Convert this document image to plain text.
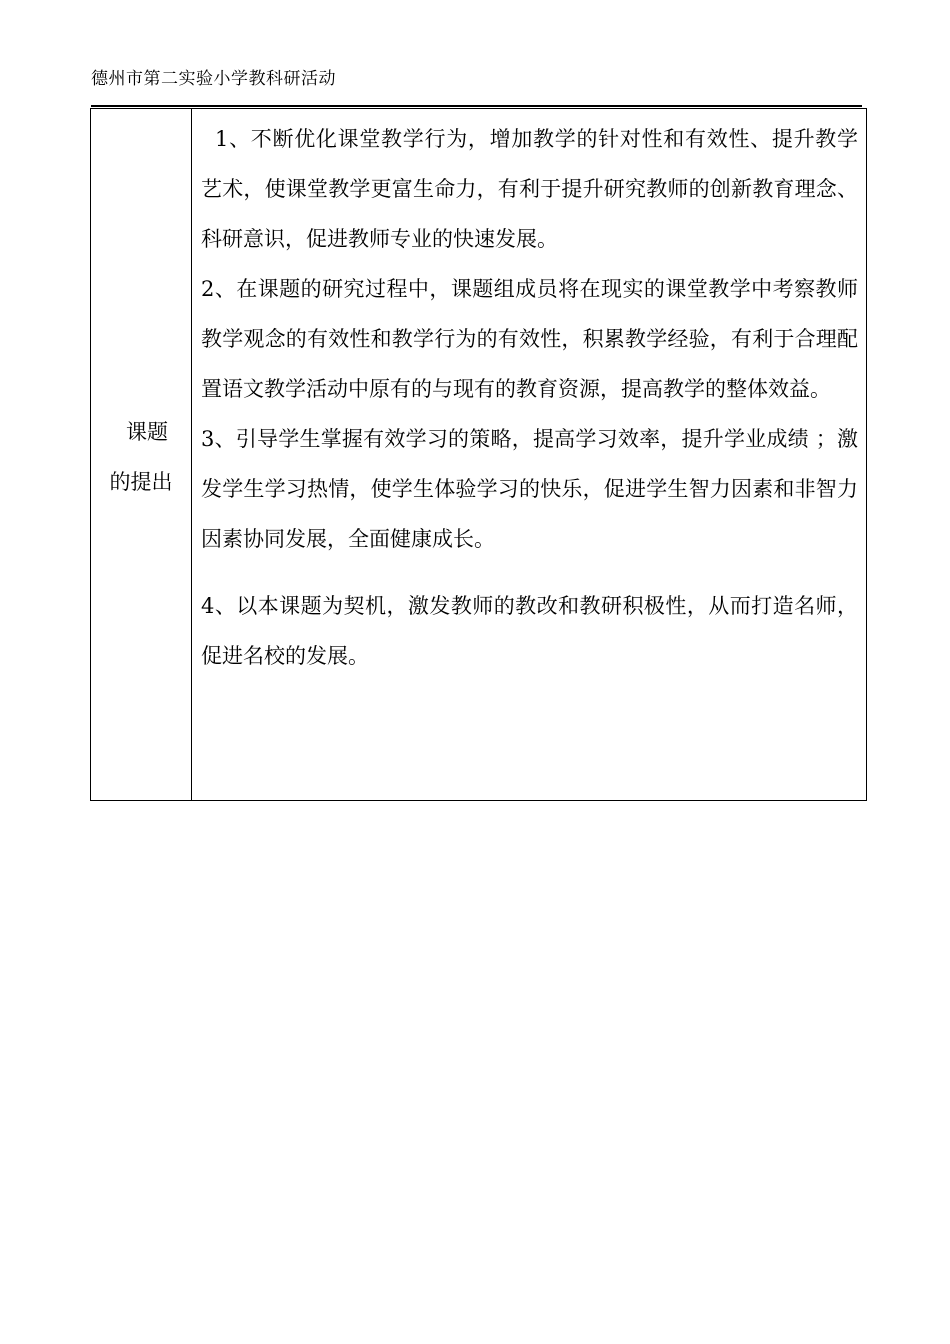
德州市第二实验小学教科研活动
课题
的提出

1、不断优化课堂教学行为，增加教学的针对性和有效性、提升教学艺术，使课堂教学更富生命力，有利于提升研究教师的创新教育理念、科研意识，促进教师专业的快速发展。

2、在课题的研究过程中，课题组成员将在现实的课堂教学中考察教师教学观念的有效性和教学行为的有效性，积累教学经验，有利于合理配置语文教学活动中原有的与现有的教育资源，提高教学的整体效益。

3、引导学生掌握有效学习的策略，提高学习效率，提升学业成绩 ；激发学生学习热情，使学生体验学习的快乐，促进学生智力因素和非智力因素协同发展，全面健康成长。

4、以本课题为契机，激发教师的教改和教研积极性，从而打造名师，促进名校的发展。
